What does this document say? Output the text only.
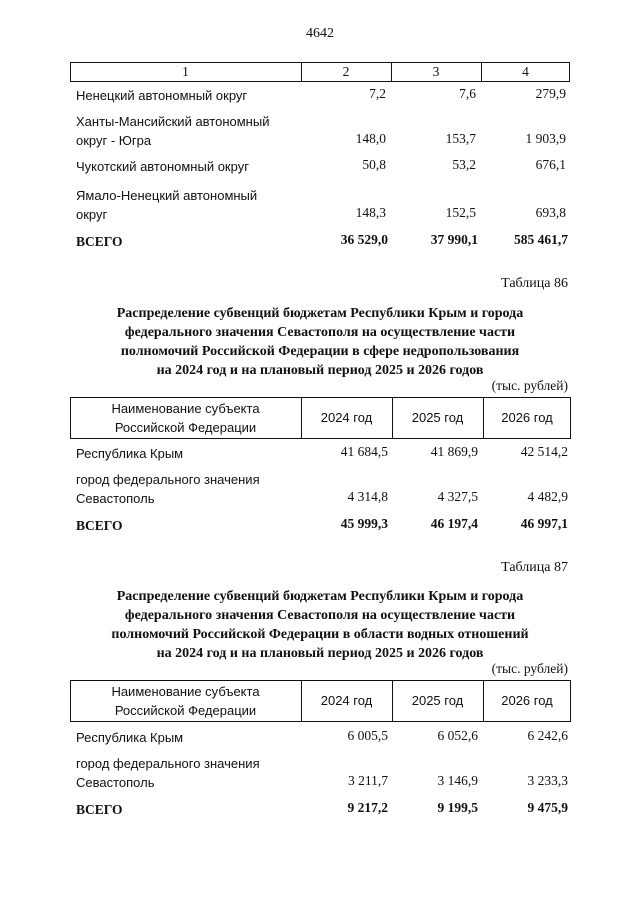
4642
1	2	3	4
Ненецкий автономный округ	7,2	7,6	279,9
Ханты-Мансийский автономный
округ - Югра	148,0	153,7	1 903,9
Чукотский автономный округ	50,8	53,2	676,1
Ямало-Ненецкий автономный
округ	148,3	152,5	693,8
ВСЕГО	36 529,0	37 990,1	585 461,7
Таблица 86
Распределение субвенций бюджетам Республики Крым и города
федерального значения Севастополя на осуществление части
полномочий Российской Федерации в сфере недропользования
на 2024 год и на плановый период 2025 и 2026 годов
(тыс. рублей)
Наименование субъекта
Российской Федерации
2024 год	2025 год	2026 год
Республика Крым	41 684,5	41 869,9	42 514,2
город федерального значения
Севастополь	4 314,8	4 327,5	4 482,9
ВСЕГО	45 999,3	46 197,4	46 997,1
Таблица 87
Распределение субвенций бюджетам Республики Крым и города
федерального значения Севастополя на осуществление части
полномочий Российской Федерации в области водных отношений
на 2024 год и на плановый период 2025 и 2026 годов
(тыс. рублей)
Наименование субъекта
Российской Федерации
2024 год	2025 год	2026 год
Республика Крым	6 005,5	6 052,6	6 242,6
город федерального значения
Севастополь	3 211,7	3 146,9	3 233,3
ВСЕГО	9 217,2	9 199,5	9 475,9
